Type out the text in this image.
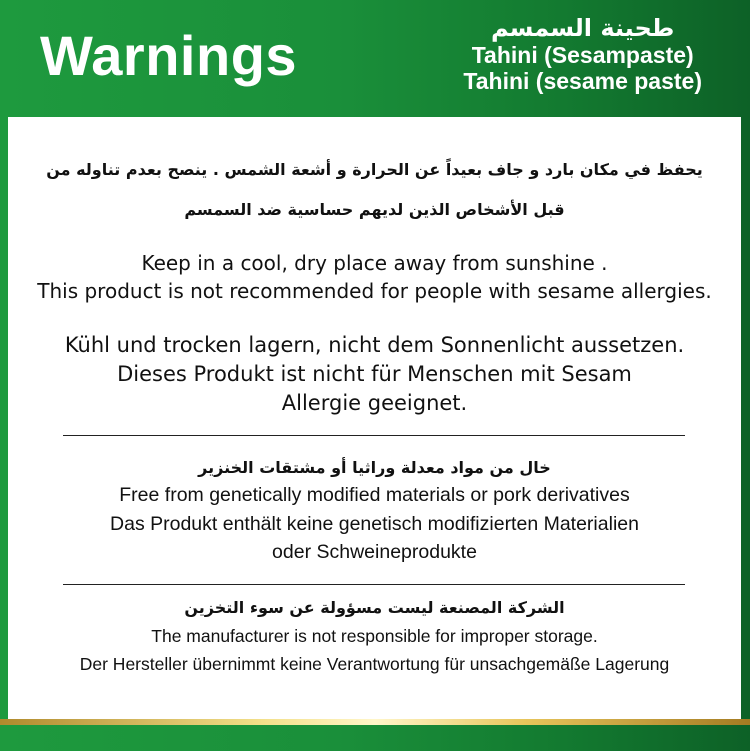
Warnings	طحينة السمسم
Tahini (Sesampaste)
Tahini (sesame paste)
يحفظ في مكان بارد و جاف بعيداً عن الحرارة و أشعة الشمس . ينصح بعدم تناوله من
قبل الأشخاص الذين لديهم حساسية ضد السمسم
Keep in a cool, dry place away from sunshine .
This product is not recommended for people with sesame allergies.
Kühl und trocken lagern, nicht dem Sonnenlicht aussetzen.
Dieses Produkt ist nicht für Menschen mit Sesam
Allergie geeignet.
خال من مواد معدلة وراثيا أو مشتقات الخنزير
Free from genetically modified materials or pork derivatives
Das Produkt enthält keine genetisch modifizierten Materialien
oder Schweineprodukte
الشركة المصنعة ليست مسؤولة عن سوء التخزين
The manufacturer is not responsible for improper storage.
Der Hersteller übernimmt keine Verantwortung für unsachgemäße Lagerung
